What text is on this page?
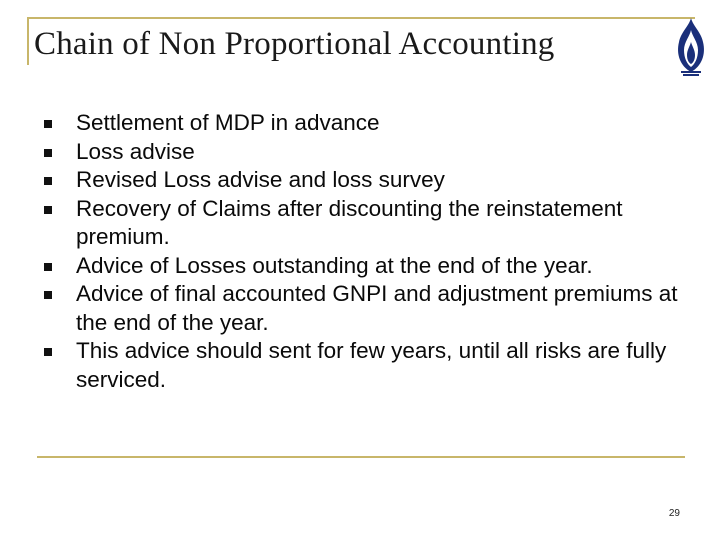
Chain of Non Proportional Accounting
Settlement of MDP in advance
Loss advise
Revised Loss advise and loss survey
Recovery of Claims after discounting the reinstatement premium.
Advice of Losses outstanding at the end of the year.
Advice of final accounted GNPI and adjustment premiums at the end of the year.
This advice should sent for few years, until all risks are fully serviced.
29
